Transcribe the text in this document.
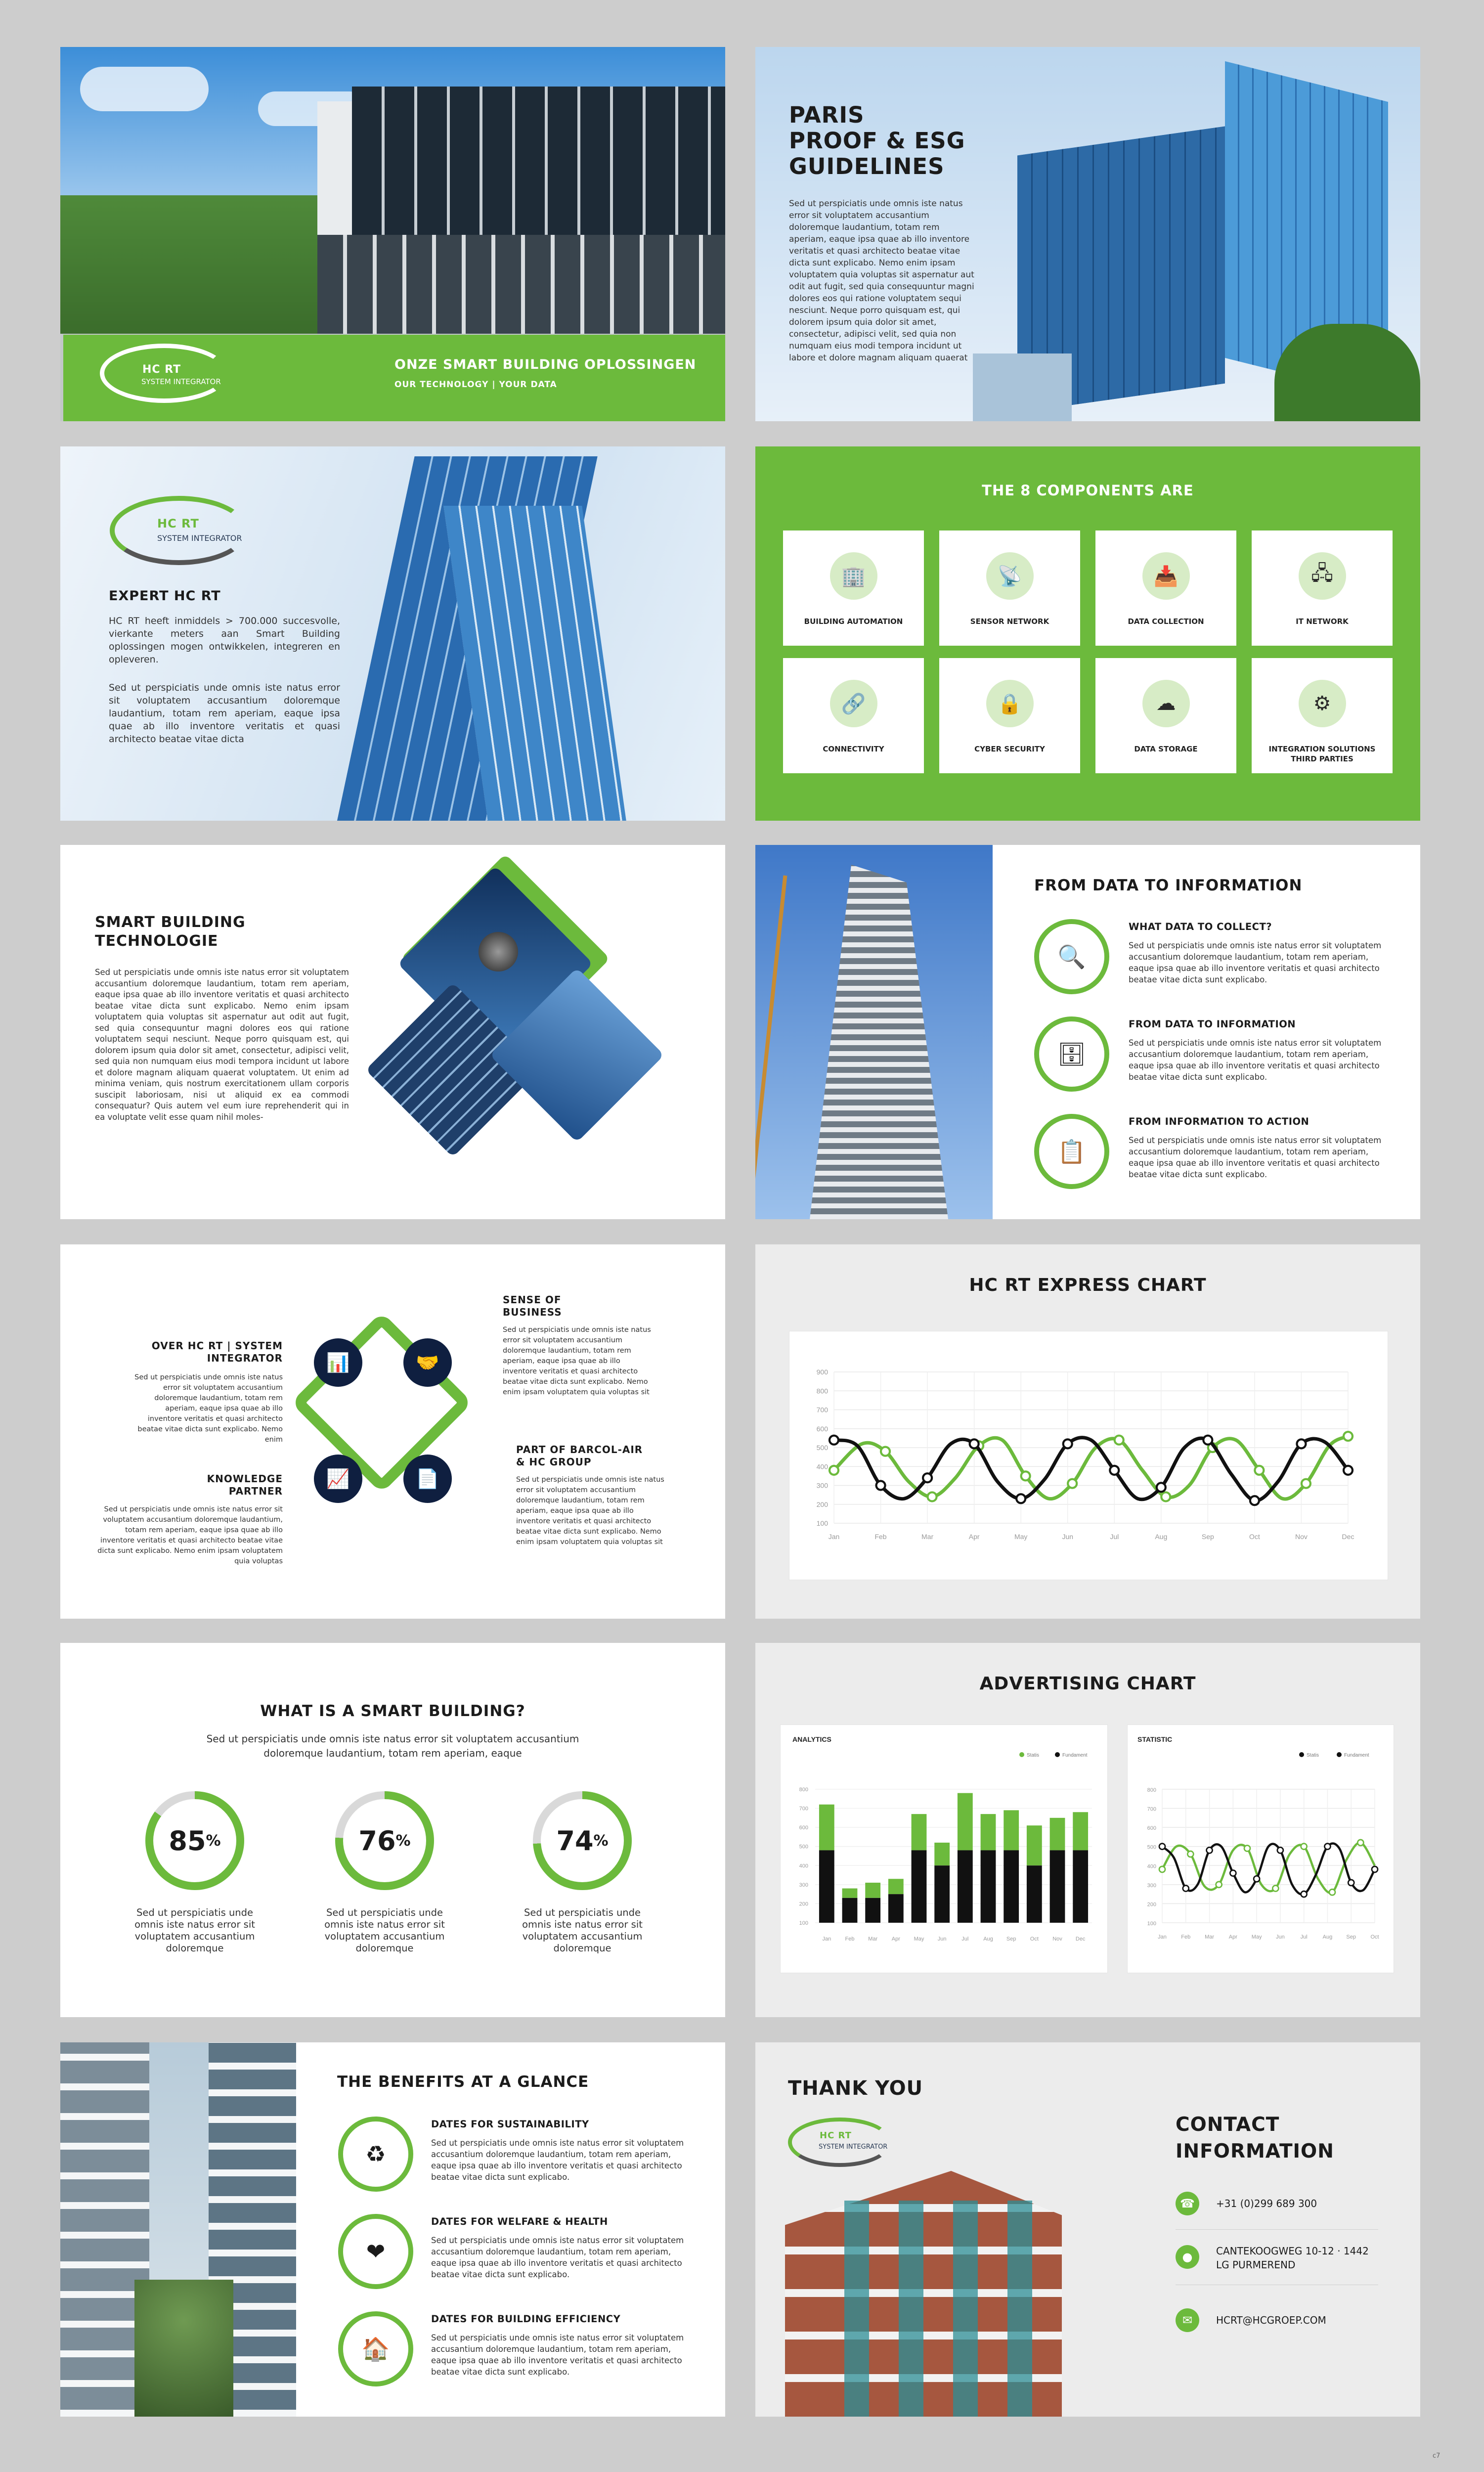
HC RT
SYSTEM INTEGRATOR
ONZE SMART BUILDING OPLOSSINGEN
OUR TECHNOLOGY | YOUR DATA
PARIS
PROOF & ESG
GUIDELINES
Sed ut perspiciatis unde omnis iste natus error sit voluptatem accusantium doloremque laudantium, totam rem aperiam, eaque ipsa quae ab illo inventore veritatis et quasi architecto beatae vitae dicta sunt explicabo. Nemo enim ipsam voluptatem quia voluptas sit aspernatur aut odit aut fugit, sed quia consequuntur magni dolores eos qui ratione voluptatem sequi nesciunt. Neque porro quisquam est, qui dolorem ipsum quia dolor sit amet, consectetur, adipisci velit, sed quia non numquam eius modi tempora incidunt ut labore et dolore magnam aliquam quaerat
HC RT
SYSTEM INTEGRATOR
EXPERT HC RT
HC RT heeft inmiddels > 700.000 succesvolle, vierkante meters aan Smart Building oplossingen mogen ontwikkelen, integreren en opleveren.
Sed ut perspiciatis unde omnis iste natus error sit voluptatem accusantium doloremque laudantium, totam rem aperiam, eaque ipsa quae ab illo inventore veritatis et quasi architecto beatae vitae dicta
THE 8 COMPONENTS ARE
🏢
BUILDING AUTOMATION
📡
SENSOR NETWORK
📥
DATA COLLECTION
🖧
IT NETWORK
🔗
CONNECTIVITY
🔒
CYBER SECURITY
☁
DATA STORAGE
⚙
INTEGRATION SOLUTIONS
THIRD PARTIES
SMART BUILDING
TECHNOLOGIE
Sed ut perspiciatis unde omnis iste natus error sit voluptatem accusantium doloremque laudantium, totam rem aperiam, eaque ipsa quae ab illo inventore veritatis et quasi architecto beatae vitae dicta sunt explicabo. Nemo enim ipsam voluptatem quia voluptas sit aspernatur aut odit aut fugit, sed quia consequuntur magni dolores eos qui ratione voluptatem sequi nesciunt. Neque porro quisquam est, qui dolorem ipsum quia dolor sit amet, consectetur, adipisci velit, sed quia non numquam eius modi tempora incidunt ut labore et dolore magnam aliquam quaerat voluptatem. Ut enim ad minima veniam, quis nostrum exercitationem ullam corporis suscipit laboriosam, nisi ut aliquid ex ea commodi consequatur? Quis autem vel eum iure reprehenderit qui in ea voluptate velit esse quam nihil moles-
FROM DATA TO INFORMATION
🔍
WHAT DATA TO COLLECT?
Sed ut perspiciatis unde omnis iste natus error sit voluptatem accusantium doloremque laudantium, totam rem aperiam, eaque ipsa quae ab illo inventore veritatis et quasi architecto beatae vitae dicta sunt explicabo.
🗄
FROM DATA TO INFORMATION
Sed ut perspiciatis unde omnis iste natus error sit voluptatem accusantium doloremque laudantium, totam rem aperiam, eaque ipsa quae ab illo inventore veritatis et quasi architecto beatae vitae dicta sunt explicabo.
📋
FROM INFORMATION TO ACTION
Sed ut perspiciatis unde omnis iste natus error sit voluptatem accusantium doloremque laudantium, totam rem aperiam, eaque ipsa quae ab illo inventore veritatis et quasi architecto beatae vitae dicta sunt explicabo.
📊	🤝
📈	📄
OVER HC RT | SYSTEM
INTEGRATOR
Sed ut perspiciatis unde omnis iste natus error sit voluptatem accusantium doloremque laudantium, totam rem aperiam, eaque ipsa quae ab illo inventore veritatis et quasi architecto beatae vitae dicta sunt explicabo. Nemo enim
KNOWLEDGE
PARTNER
Sed ut perspiciatis unde omnis iste natus error sit voluptatem accusantium doloremque laudantium, totam rem aperiam, eaque ipsa quae ab illo inventore veritatis et quasi architecto beatae vitae dicta sunt explicabo. Nemo enim ipsam voluptatem quia voluptas
SENSE OF
BUSINESS
Sed ut perspiciatis unde omnis iste natus error sit voluptatem accusantium doloremque laudantium, totam rem aperiam, eaque ipsa quae ab illo inventore veritatis et quasi architecto beatae vitae dicta sunt explicabo. Nemo enim ipsam voluptatem quia voluptas sit
PART OF BARCOL-AIR
& HC GROUP
Sed ut perspiciatis unde omnis iste natus error sit voluptatem accusantium doloremque laudantium, totam rem aperiam, eaque ipsa quae ab illo inventore veritatis et quasi architecto beatae vitae dicta sunt explicabo. Nemo enim ipsam voluptatem quia voluptas sit
HC RT EXPRESS CHART
900
800
700
600
500
400
300
200
100
Jan	Feb	Mar	Apr	May	Jun	Jul	Aug	Sep	Oct	Nov	Dec
WHAT IS A SMART BUILDING?
Sed ut perspiciatis unde omnis iste natus error sit voluptatem accusantium
doloremque laudantium, totam rem aperiam, eaque
85 %
Sed ut perspiciatis unde omnis iste natus error sit voluptatem accusantium doloremque
76 %
Sed ut perspiciatis unde omnis iste natus error sit voluptatem accusantium doloremque
74 %
Sed ut perspiciatis unde omnis iste natus error sit voluptatem accusantium doloremque
ADVERTISING CHART
ANALYTICS
Statis	Fundament
800
700
600
500
400
300
200
100
Jan	Feb	Mar	Apr	May Jun	Jul	Aug Sep	Oct	Nov Dec
STATISTIC
Statis	Fundament
800
700
600
500
400
300
200
100
Jan	Feb	Mar	Apr	May	Jun	Jul	Aug	Sep	Oct
THE BENEFITS AT A GLANCE
♻
DATES FOR SUSTAINABILITY
Sed ut perspiciatis unde omnis iste natus error sit voluptatem accusantium doloremque laudantium, totam rem aperiam, eaque ipsa quae ab illo inventore veritatis et quasi architecto beatae vitae dicta sunt explicabo.
❤
DATES FOR WELFARE & HEALTH
Sed ut perspiciatis unde omnis iste natus error sit voluptatem accusantium doloremque laudantium, totam rem aperiam, eaque ipsa quae ab illo inventore veritatis et quasi architecto beatae vitae dicta sunt explicabo.
🏠
DATES FOR BUILDING EFFICIENCY
Sed ut perspiciatis unde omnis iste natus error sit voluptatem accusantium doloremque laudantium, totam rem aperiam, eaque ipsa quae ab illo inventore veritatis et quasi architecto beatae vitae dicta sunt explicabo.
THANK YOU
HC RT
SYSTEM INTEGRATOR
CONTACT
INFORMATION
☎	+31 (0)299 689 300
●	CANTEKOOGWEG 10-12 · 1442
LG PURMEREND
✉	HCRT@HCGROEP.COM
c7
